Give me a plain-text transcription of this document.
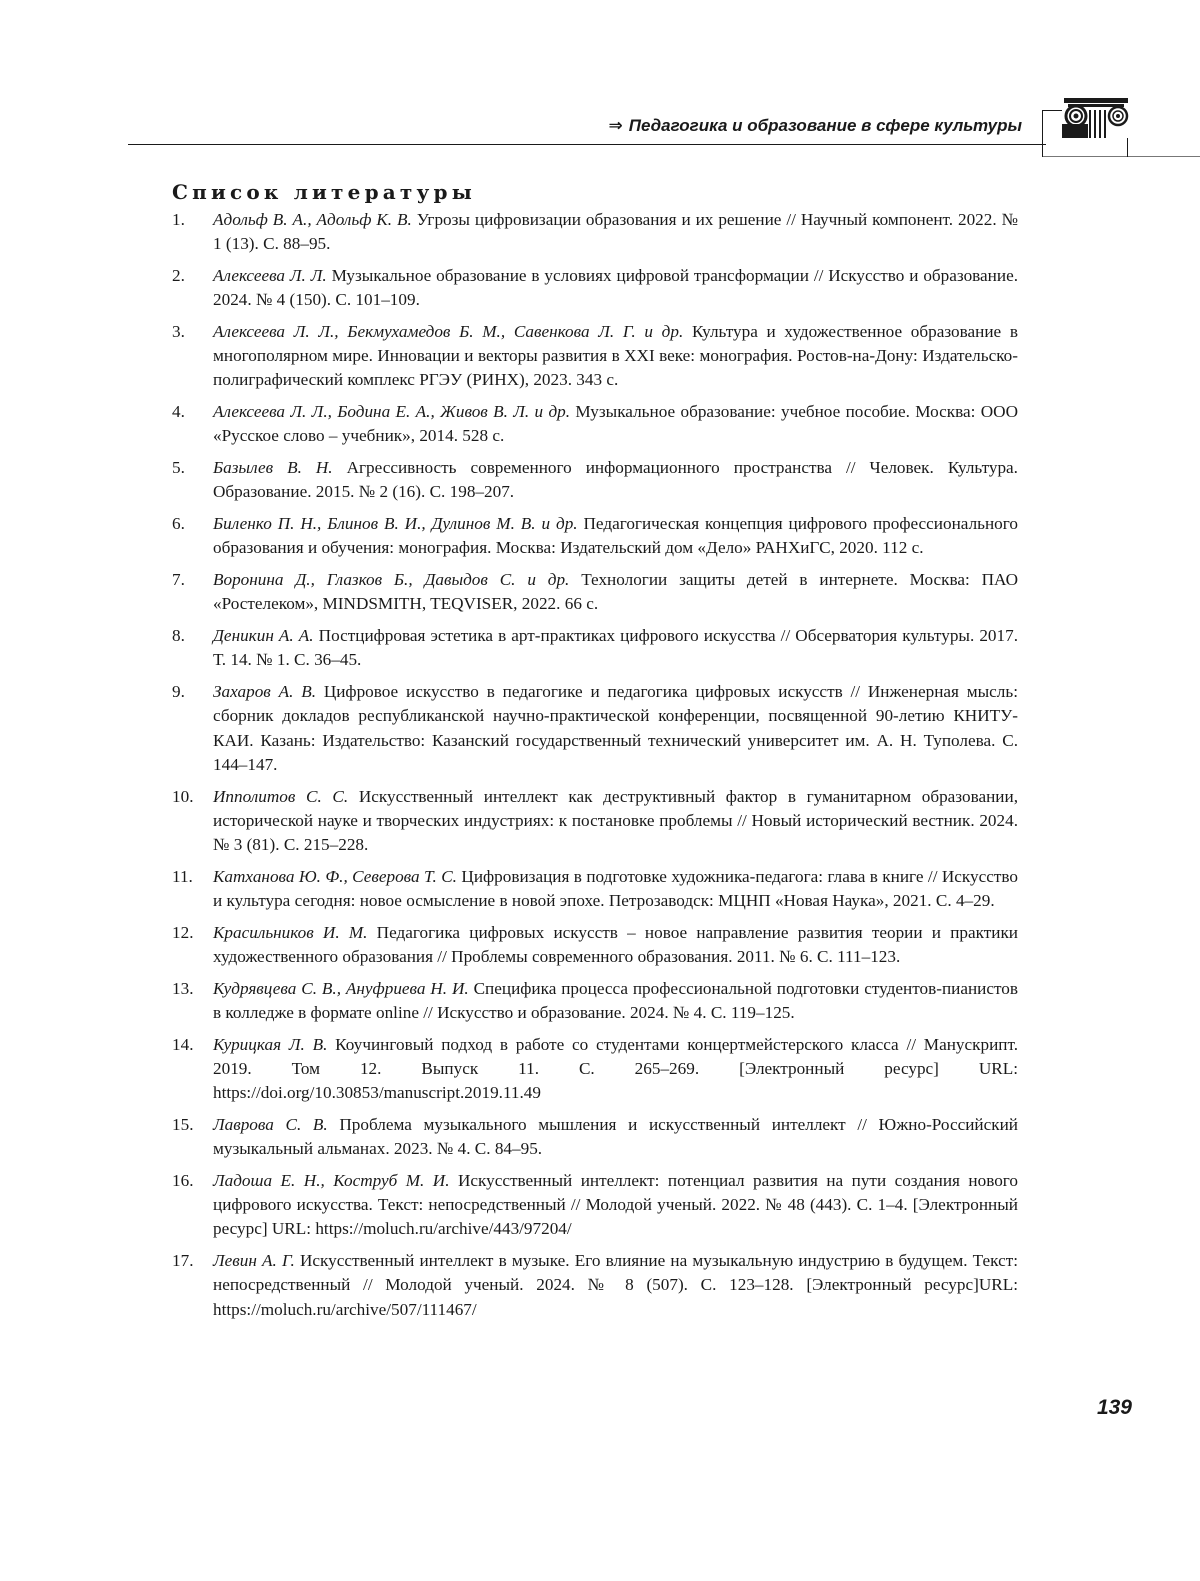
⇒ Педагогика и образование в сфере культуры
Список литературы
1. Адольф В. А., Адольф К. В. Угрозы цифровизации образования и их решение // Научный компонент. 2022. № 1 (13). С. 88–95.
2. Алексеева Л. Л. Музыкальное образование в условиях цифровой трансформации // Искусство и образование. 2024. № 4 (150). С. 101–109.
3. Алексеева Л. Л., Бекмухамедов Б. М., Савенкова Л. Г. и др. Культура и художественное образование в многополярном мире. Инновации и векторы развития в XXI веке: монография. Ростов-на-Дону: Издательско-полиграфический комплекс РГЭУ (РИНХ), 2023. 343 с.
4. Алексеева Л. Л., Бодина Е. А., Живов В. Л. и др. Музыкальное образование: учебное пособие. Москва: ООО «Русское слово – учебник», 2014. 528 с.
5. Базылев В. Н. Агрессивность современного информационного пространства // Человек. Культура. Образование. 2015. № 2 (16). С. 198–207.
6. Биленко П. Н., Блинов В. И., Дулинов М. В. и др. Педагогическая концепция цифрового профессионального образования и обучения: монография. Москва: Издательский дом «Дело» РАНХиГС, 2020. 112 с.
7. Воронина Д., Глазков Б., Давыдов С. и др. Технологии защиты детей в интернете. Москва: ПАО «Ростелеком», MINDSMITH, TEQVISER, 2022. 66 с.
8. Деникин А. А. Постцифровая эстетика в арт-практиках цифрового искусства // Обсерватория культуры. 2017. Т. 14. № 1. С. 36–45.
9. Захаров А. В. Цифровое искусство в педагогике и педагогика цифровых искусств // Инженерная мысль: сборник докладов республиканской научно-практической конференции, посвященной 90-летию КНИТУ-КАИ. Казань: Издательство: Казанский государственный технический университет им. А. Н. Туполева. С. 144–147.
10. Ипполитов С. С. Искусственный интеллект как деструктивный фактор в гуманитарном образовании, исторической науке и творческих индустриях: к постановке проблемы // Новый исторический вестник. 2024. № 3 (81). С. 215–228.
11. Катханова Ю. Ф., Северова Т. С. Цифровизация в подготовке художника-педагога: глава в книге // Искусство и культура сегодня: новое осмысление в новой эпохе. Петрозаводск: МЦНП «Новая Наука», 2021. С. 4–29.
12. Красильников И. М. Педагогика цифровых искусств – новое направление развития теории и практики художественного образования // Проблемы современного образования. 2011. № 6. С. 111–123.
13. Кудрявцева С. В., Ануфриева Н. И. Специфика процесса профессиональной подготовки студентов-пианистов в колледже в формате online // Искусство и образование. 2024. № 4. С. 119–125.
14. Курицкая Л. В. Коучинговый подход в работе со студентами концертмейстерского класса // Манускрипт. 2019. Том 12. Выпуск 11. С. 265–269. [Электронный ресурс] URL: https://doi.org/10.30853/manuscript.2019.11.49
15. Лаврова С. В. Проблема музыкального мышления и искусственный интеллект // Южно-Российский музыкальный альманах. 2023. № 4. С. 84–95.
16. Ладоша Е. Н., Коструб М. И. Искусственный интеллект: потенциал развития на пути создания нового цифрового искусства. Текст: непосредственный // Молодой ученый. 2022. № 48 (443). С. 1–4. [Электронный ресурс] URL: https://moluch.ru/archive/443/97204/
17. Левин А. Г. Искусственный интеллект в музыке. Его влияние на музыкальную индустрию в будущем. Текст: непосредственный // Молодой ученый. 2024. № 8 (507). С. 123–128. [Электронный ресурс]URL: https://moluch.ru/archive/507/111467/
139
